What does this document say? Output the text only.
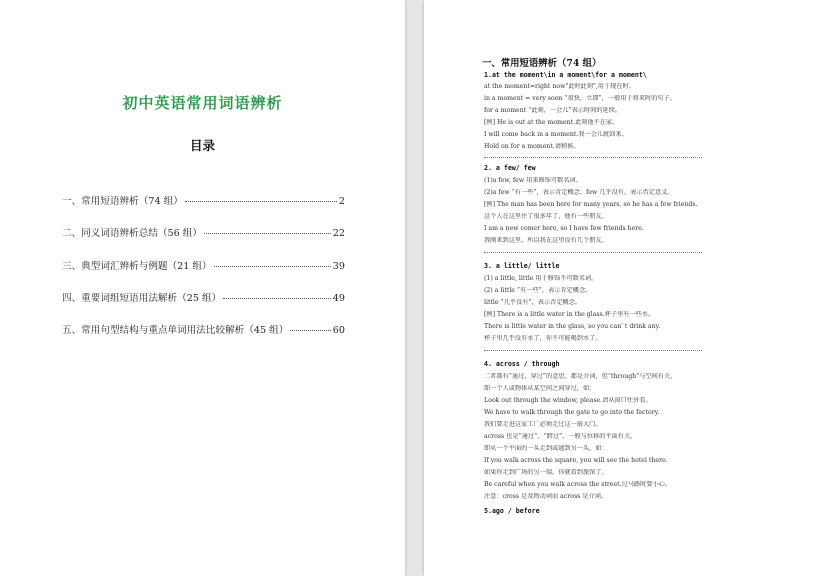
初中英语常用词语辨析
目录
一、常用短语辨析（74 组）	2
二、同义词语辨析总结（56 组）	22
三、典型词汇辨析与例题（21 组）	39
四、重要词组短语用法解析（25 组）	49
五、常用句型结构与重点单词用法比较解析（45 组）	60
一、常用短语辨析（74 组）
1.at the moment\in a moment\for a moment\
at the moment=right now"此时此刻",用于现在时。
in a moment = very soon “很快，立即”，一般用于将来时的句子。
for a moment “此刻，一会儿”表示时间的延续。
[例] He is out at the moment.此刻他不在家。
I will come back in a moment.我一会儿就回来。
Hold on for a moment.请稍候。
2. a few/ few
(1)a few, few 用来修饰可数名词。
(2)a few “有一些”，表示肯定概念，few 几乎没有，表示否定意义。
[例] The man has been here for many years, so he has a few friends.
这个人在这里住了很多年了，他有一些朋友。
I am a new comer here, so I have few friends here.
我刚来到这里，所以我在这里没有几个朋友。
3. a little/ little
(1) a little, little 用于修饰不可数名词。
(2) a little “有一些”，表示肯定概念。
little “几乎没有”，表示否定概念。
[例] There is a little water in the glass.杯子里有一些水。
There is little water in the glass, so you can' t drink any.
杯子里几乎没有水了，你不可能喝到水了。
4. across / through
二者都有“通过，穿过”的意思，都是介词，但“through”与空间有关，
即一个人或物体从某空间之间穿过，如：
Look out through the window, please.请从窗口往外看。
We have to walk through the gate to go into the factory.
我们要走进这家工厂必须走过这一扇大门。
across 也是“通过”、“跨过”，一般与位移的平面有关，
即从一个平面的一头走到或越到另一头，如：
If you walk across the square, you will see the hotel there.
如果你走到广场的另一端，你就看到旅馆了。
Be careful when you walk across the street.过马路时要小心。
注意：cross 是及物动词而 across 是介词。
5.ago / before
